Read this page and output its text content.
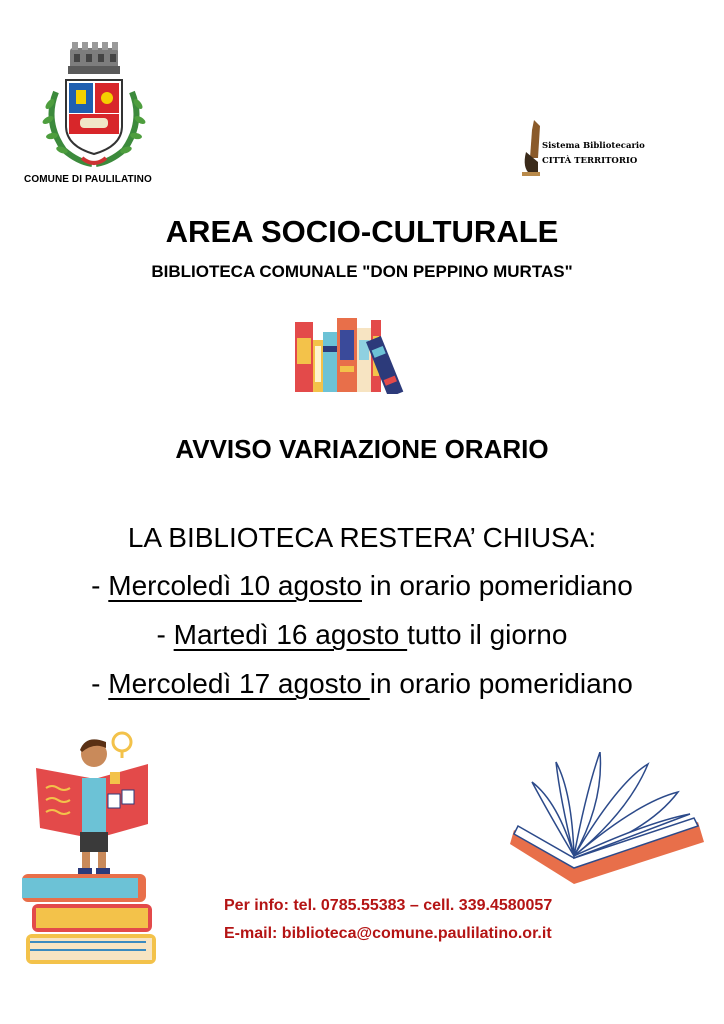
COMUNE DI PAULILATINO
Sistema Bibliotecario
CITTÀ TERRITORIO
AREA SOCIO-CULTURALE
BIBLIOTECA COMUNALE "DON PEPPINO MURTAS"
AVVISO VARIAZIONE ORARIO
LA BIBLIOTECA RESTERA’ CHIUSA:
- Mercoledì 10 agosto in orario pomeridiano
- Martedì 16 agosto tutto il giorno
- Mercoledì 17 agosto in orario pomeridiano
Per info: tel. 0785.55383 – cell. 339.4580057
E-mail: biblioteca@comune.paulilatino.or.it
